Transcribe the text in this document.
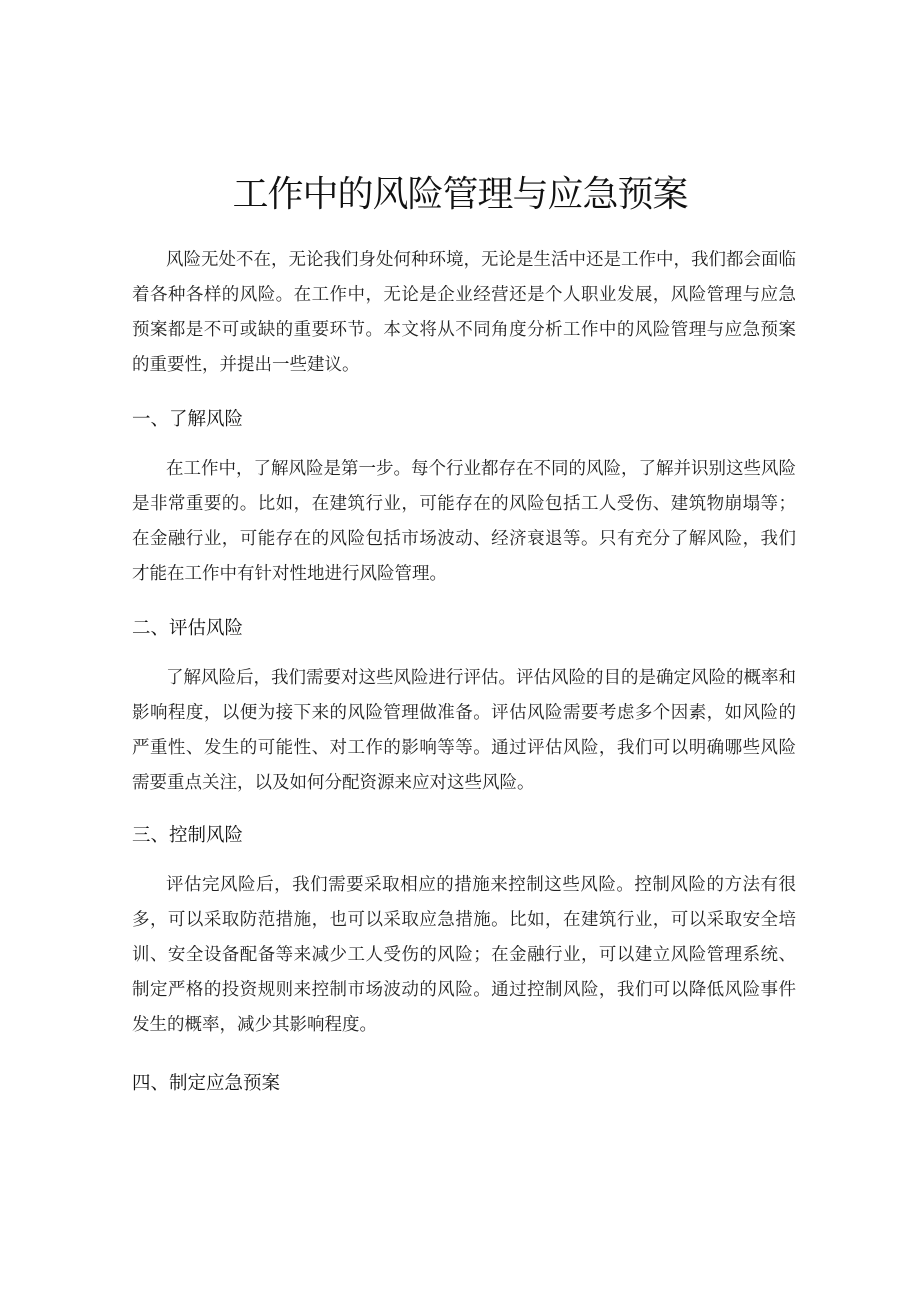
工作中的风险管理与应急预案

风险无处不在，无论我们身处何种环境，无论是生活中还是工作中，我们都会面临着各种各样的风险。在工作中，无论是企业经营还是个人职业发展，风险管理与应急预案都是不可或缺的重要环节。本文将从不同角度分析工作中的风险管理与应急预案的重要性，并提出一些建议。

一、了解风险

在工作中，了解风险是第一步。每个行业都存在不同的风险，了解并识别这些风险是非常重要的。比如，在建筑行业，可能存在的风险包括工人受伤、建筑物崩塌等；在金融行业，可能存在的风险包括市场波动、经济衰退等。只有充分了解风险，我们才能在工作中有针对性地进行风险管理。

二、评估风险

了解风险后，我们需要对这些风险进行评估。评估风险的目的是确定风险的概率和影响程度，以便为接下来的风险管理做准备。评估风险需要考虑多个因素，如风险的严重性、发生的可能性、对工作的影响等等。通过评估风险，我们可以明确哪些风险需要重点关注，以及如何分配资源来应对这些风险。

三、控制风险

评估完风险后，我们需要采取相应的措施来控制这些风险。控制风险的方法有很多，可以采取防范措施，也可以采取应急措施。比如，在建筑行业，可以采取安全培训、安全设备配备等来减少工人受伤的风险；在金融行业，可以建立风险管理系统、制定严格的投资规则来控制市场波动的风险。通过控制风险，我们可以降低风险事件发生的概率，减少其影响程度。

四、制定应急预案
